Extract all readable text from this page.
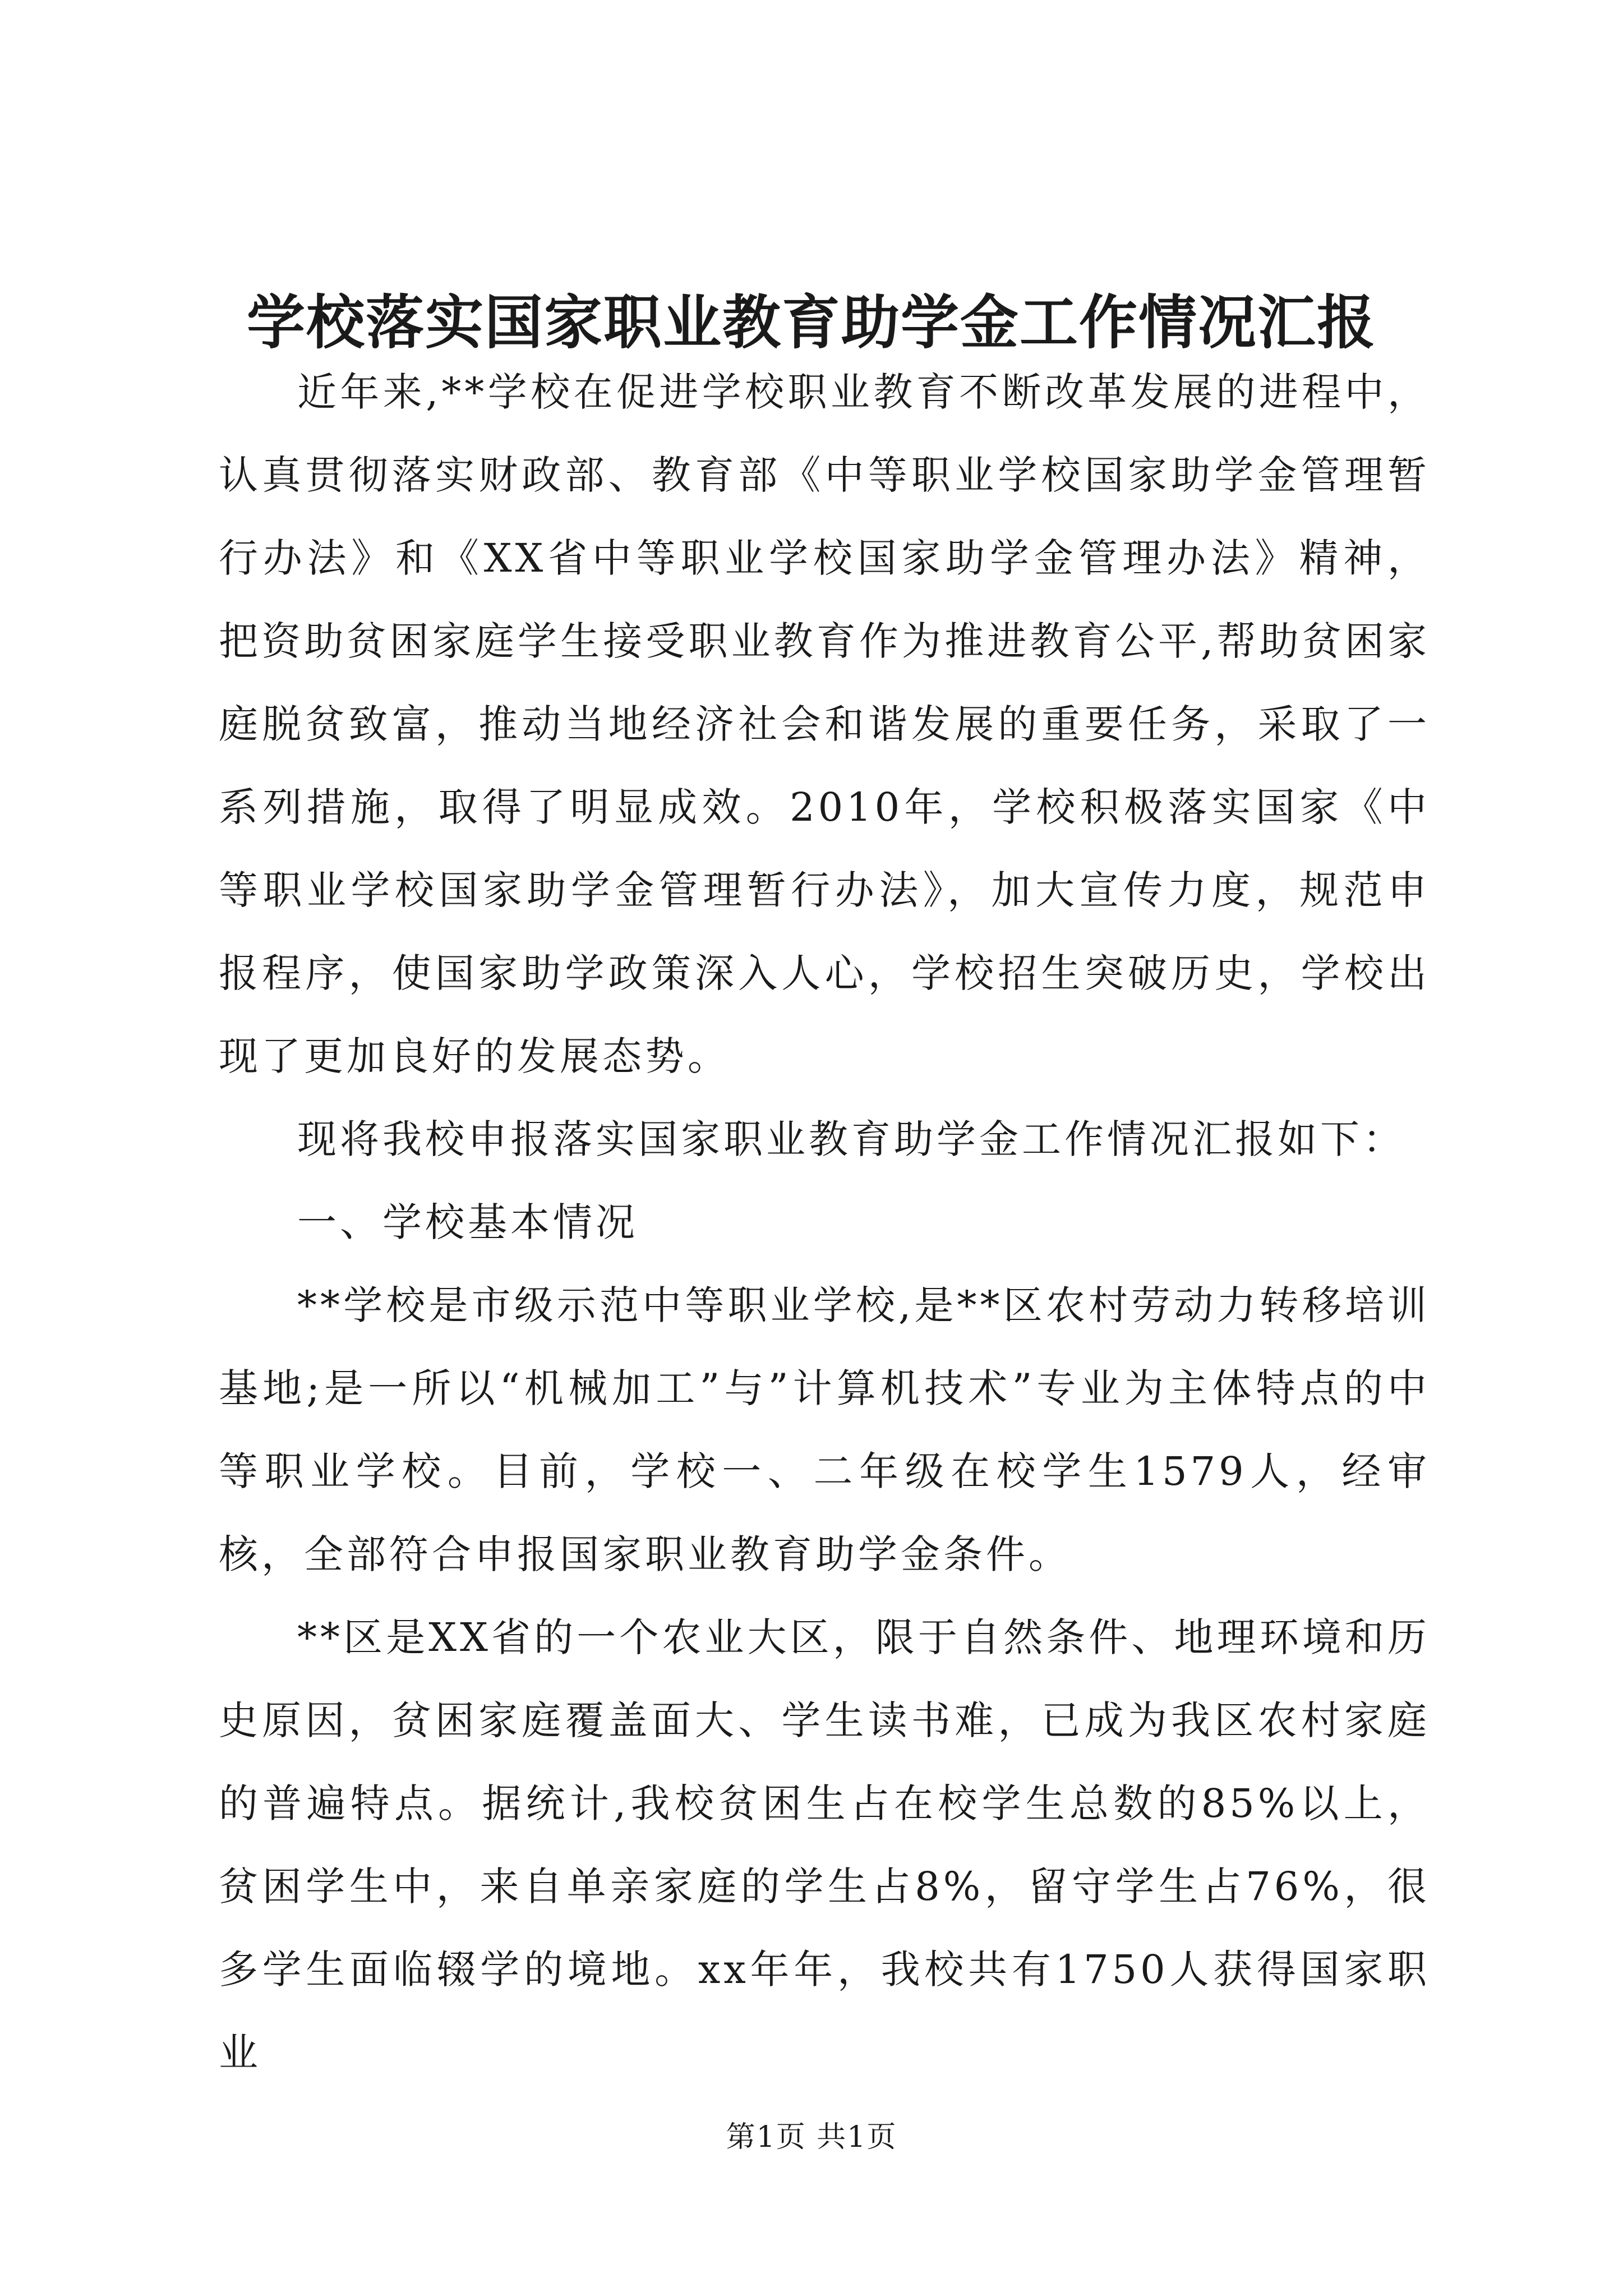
学校落实国家职业教育助学金工作情况汇报

近年来,**学校在促进学校职业教育不断改革发展的进程中，认真贯彻落实财政部、教育部《中等职业学校国家助学金管理暂行办法》和《XX省中等职业学校国家助学金管理办法》精神，把资助贫困家庭学生接受职业教育作为推进教育公平,帮助贫困家庭脱贫致富，推动当地经济社会和谐发展的重要任务，采取了一系列措施，取得了明显成效。2010年，学校积极落实国家《中等职业学校国家助学金管理暂行办法》，加大宣传力度，规范申报程序，使国家助学政策深入人心，学校招生突破历史，学校出现了更加良好的发展态势。

现将我校申报落实国家职业教育助学金工作情况汇报如下：

一、学校基本情况

**学校是市级示范中等职业学校,是**区农村劳动力转移培训基地;是一所以“机械加工”与”计算机技术”专业为主体特点的中等职业学校。目前，学校一、二年级在校学生1579人，经审核，全部符合申报国家职业教育助学金条件。

**区是XX省的一个农业大区，限于自然条件、地理环境和历史原因，贫困家庭覆盖面大、学生读书难，已成为我区农村家庭的普遍特点。据统计,我校贫困生占在校学生总数的85%以上，贫困学生中，来自单亲家庭的学生占8%，留守学生占76%，很多学生面临辍学的境地。xx年年，我校共有1750人获得国家职业

第1页 共1页
